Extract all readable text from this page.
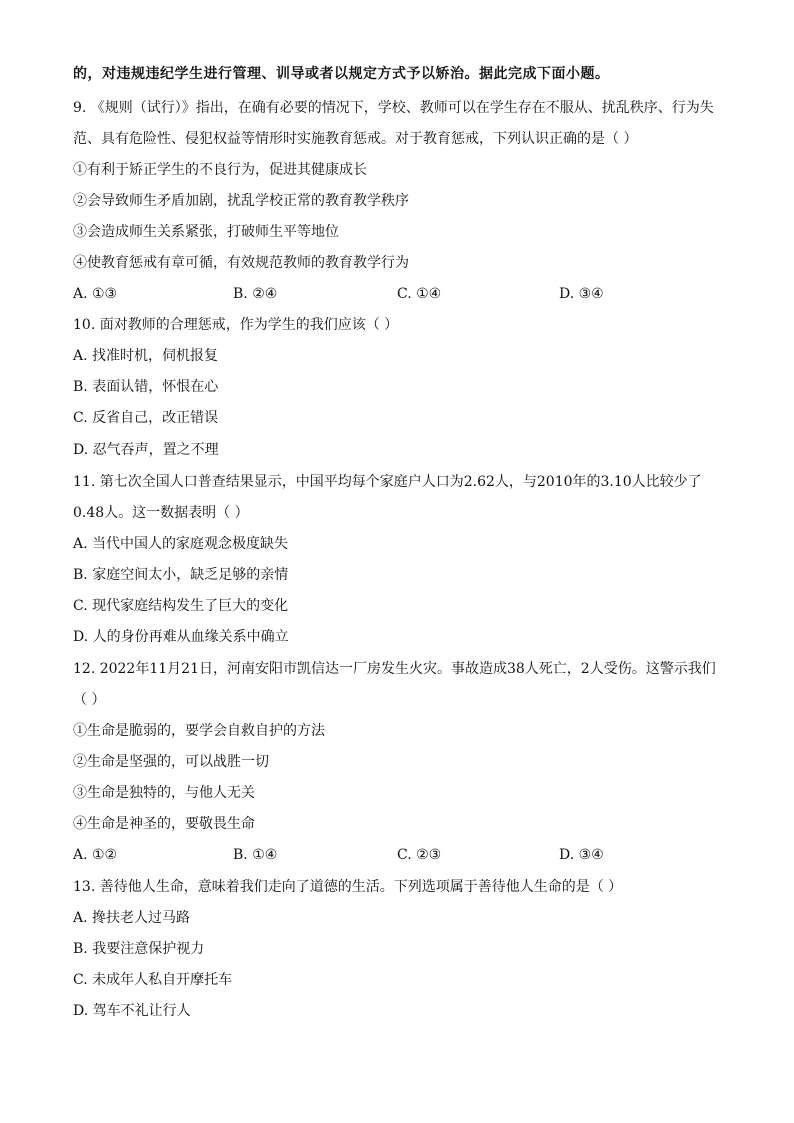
的，对违规违纪学生进行管理、训导或者以规定方式予以矫治。据此完成下面小题。
9. 《规则（试行）》指出，在确有必要的情况下，学校、教师可以在学生存在不服从、扰乱秩序、行为失
范、具有危险性、侵犯权益等情形时实施教育惩戒。对于教育惩戒，下列认识正确的是（ ）
①有利于矫正学生的不良行为，促进其健康成长
②会导致师生矛盾加剧，扰乱学校正常的教育教学秩序
③会造成师生关系紧张，打破师生平等地位
④使教育惩戒有章可循，有效规范教师的教育教学行为
A. ①③	B. ②④	C. ①④	D. ③④
10. 面对教师的合理惩戒，作为学生的我们应该（ ）
A. 找准时机，伺机报复
B. 表面认错，怀恨在心
C. 反省自己，改正错误
D. 忍气吞声，置之不理
11. 第七次全国人口普查结果显示，中国平均每个家庭户人口为2.62人，与2010年的3.10人比较少了
0.48人。这一数据表明（ ）
A. 当代中国人的家庭观念极度缺失
B. 家庭空间太小，缺乏足够的亲情
C. 现代家庭结构发生了巨大的变化
D. 人的身份再难从血缘关系中确立
12. 2022年11月21日，河南安阳市凯信达一厂房发生火灾。事故造成38人死亡，2人受伤。这警示我们
（ ）
①生命是脆弱的，要学会自救自护的方法
②生命是坚强的，可以战胜一切
③生命是独特的，与他人无关
④生命是神圣的，要敬畏生命
A. ①②	B. ①④	C. ②③	D. ③④
13. 善待他人生命，意味着我们走向了道德的生活。下列选项属于善待他人生命的是（ ）
A. 搀扶老人过马路
B. 我要注意保护视力
C. 未成年人私自开摩托车
D. 驾车不礼让行人
